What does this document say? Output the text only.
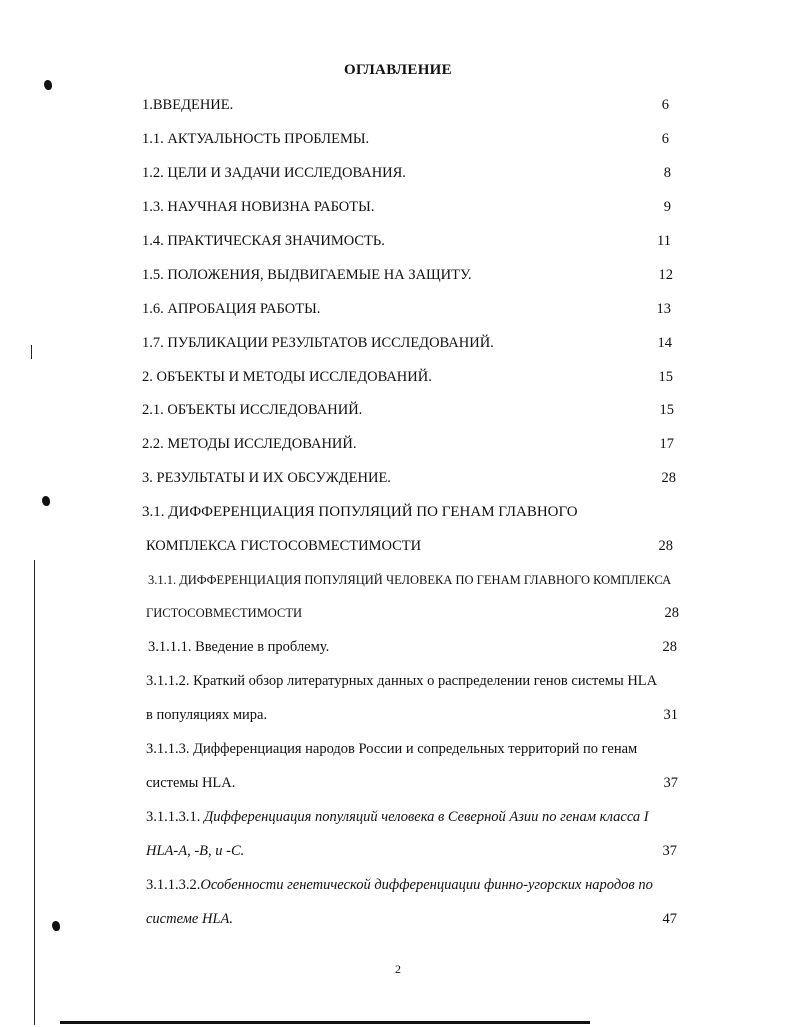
ОГЛАВЛЕНИЕ
1.ВВЕДЕНИЕ.	6
1.1. АКТУАЛЬНОСТЬ ПРОБЛЕМЫ.	6
1.2. ЦЕЛИ И ЗАДАЧИ ИССЛЕДОВАНИЯ.	8
1.3. НАУЧНАЯ НОВИЗНА РАБОТЫ.	9
1.4. ПРАКТИЧЕСКАЯ ЗНАЧИМОСТЬ.	11
1.5. ПОЛОЖЕНИЯ, ВЫДВИГАЕМЫЕ НА ЗАЩИТУ.	12
1.6. АПРОБАЦИЯ РАБОТЫ.	13
1.7. ПУБЛИКАЦИИ РЕЗУЛЬТАТОВ ИССЛЕДОВАНИЙ.	14
2. ОБЪЕКТЫ И МЕТОДЫ ИССЛЕДОВАНИЙ.	15
2.1. ОБЪЕКТЫ ИССЛЕДОВАНИЙ.	15
2.2. МЕТОДЫ ИССЛЕДОВАНИЙ.	17
3. РЕЗУЛЬТАТЫ И ИХ ОБСУЖДЕНИЕ.	28
3.1. ДИФФЕРЕНЦИАЦИЯ ПОПУЛЯЦИЙ ПО ГЕНАМ ГЛАВНОГО
КОМПЛЕКСА ГИСТОСОВМЕСТИМОСТИ	28
3.1.1. ДИФФЕРЕНЦИАЦИЯ ПОПУЛЯЦИЙ ЧЕЛОВЕКА ПО ГЕНАМ ГЛАВНОГО КОМПЛЕКСА
ГИСТОСОВМЕСТИМОСТИ	28
3.1.1.1. Введение в проблему.	28
3.1.1.2. Краткий обзор литературных данных о распределении генов системы HLA
в популяциях мира.	31
3.1.1.3. Дифференциация народов России и сопредельных территорий по генам
системы HLA.	37
3.1.1.3.1. Дифференциация популяций человека в Северной Азии по генам класса I
HLA-A, -B, и -C.	37
3.1.1.3.2.Особенности генетической дифференциации финно-угорских народов по
системе HLA.	47
2
